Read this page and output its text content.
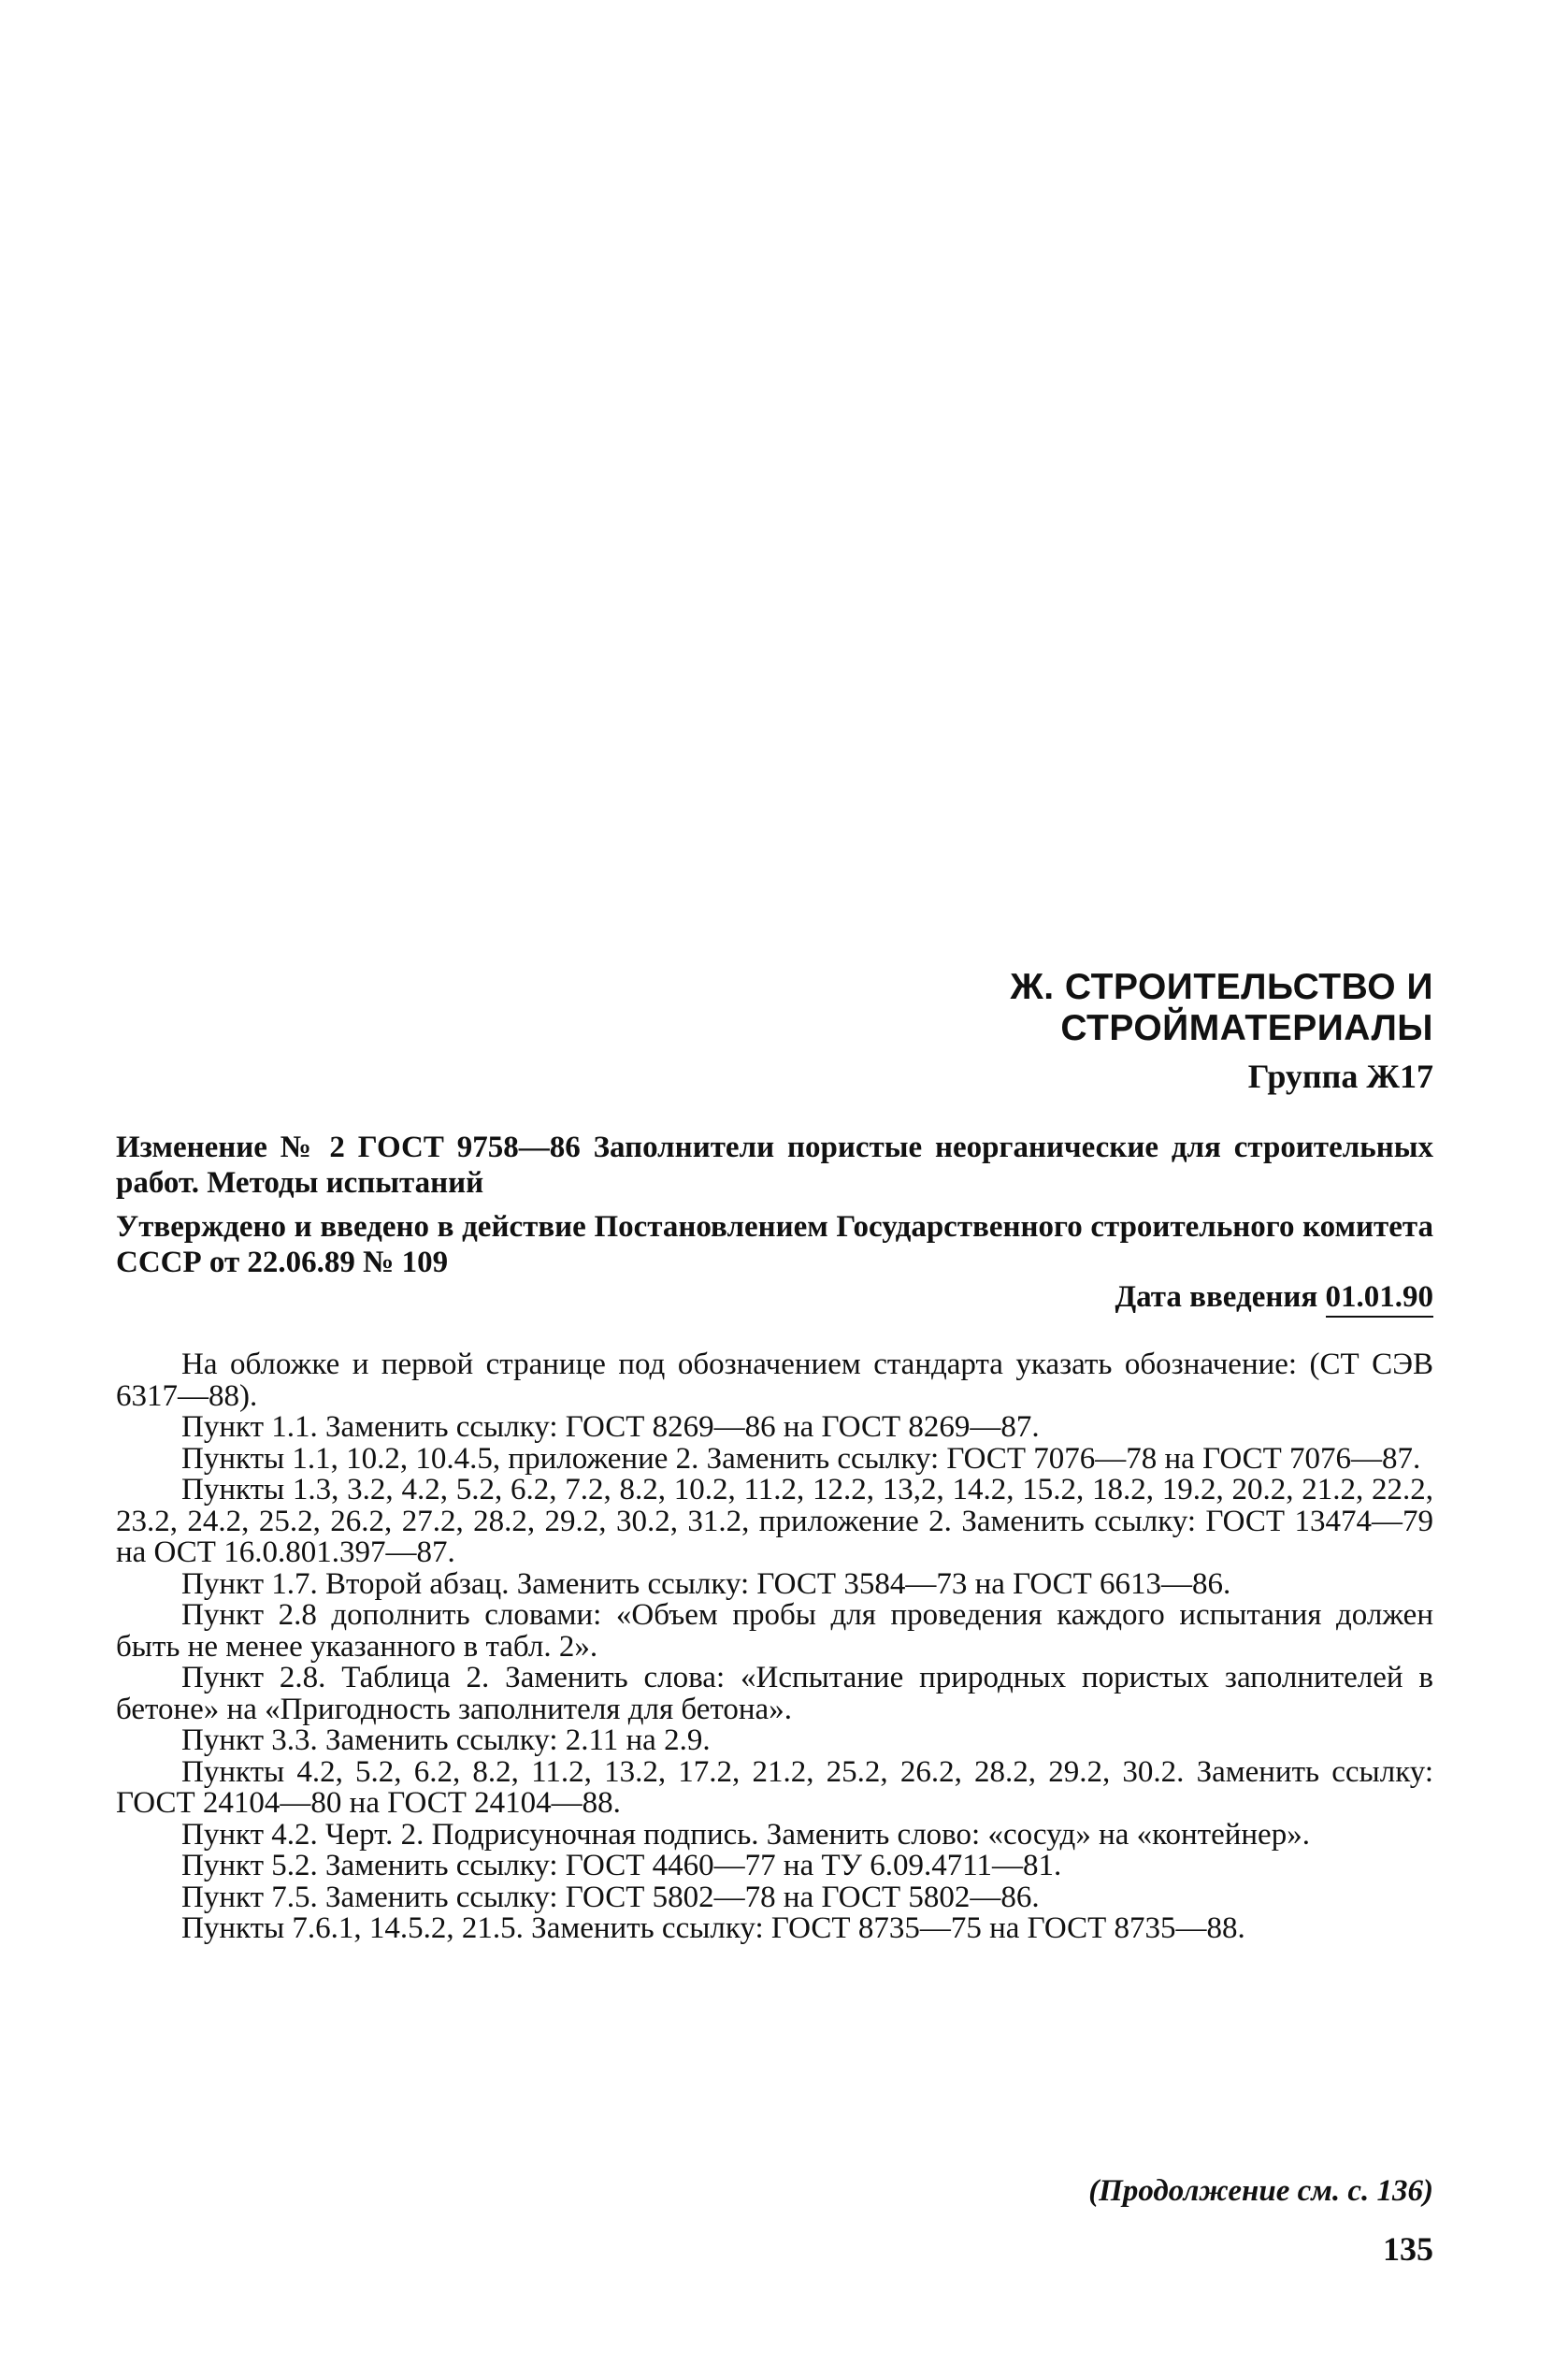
Ж. СТРОИТЕЛЬСТВО И СТРОЙМАТЕРИАЛЫ
Группа Ж17
Изменение № 2 ГОСТ 9758—86 Заполнители пористые неорганические для строительных работ. Методы испытаний
Утверждено и введено в действие Постановлением Государственного строительного комитета СССР от 22.06.89 № 109
Дата введения 01.01.90

На обложке и первой странице под обозначением стандарта указать обозначение: (СТ СЭВ 6317—88).

Пункт 1.1. Заменить ссылку: ГОСТ 8269—86 на ГОСТ 8269—87.

Пункты 1.1, 10.2, 10.4.5, приложение 2. Заменить ссылку: ГОСТ 7076—78 на ГОСТ 7076—87.

Пункты 1.3, 3.2, 4.2, 5.2, 6.2, 7.2, 8.2, 10.2, 11.2, 12.2, 13,2, 14.2, 15.2, 18.2, 19.2, 20.2, 21.2, 22.2, 23.2, 24.2, 25.2, 26.2, 27.2, 28.2, 29.2, 30.2, 31.2, приложение 2. Заменить ссылку: ГОСТ 13474—79 на ОСТ 16.0.801.397—87.

Пункт 1.7. Второй абзац. Заменить ссылку: ГОСТ 3584—73 на ГОСТ 6613—86.

Пункт 2.8 дополнить словами: «Объем пробы для проведения каждого испытания должен быть не менее указанного в табл. 2».

Пункт 2.8. Таблица 2. Заменить слова: «Испытание природных пористых заполнителей в бетоне» на «Пригодность заполнителя для бетона».

Пункт 3.3. Заменить ссылку: 2.11 на 2.9.

Пункты 4.2, 5.2, 6.2, 8.2, 11.2, 13.2, 17.2, 21.2, 25.2, 26.2, 28.2, 29.2, 30.2. Заменить ссылку: ГОСТ 24104—80 на ГОСТ 24104—88.

Пункт 4.2. Черт. 2. Подрисуночная подпись. Заменить слово: «сосуд» на «контейнер».

Пункт 5.2. Заменить ссылку: ГОСТ 4460—77 на ТУ 6.09.4711—81.

Пункт 7.5. Заменить ссылку: ГОСТ 5802—78 на ГОСТ 5802—86.

Пункты 7.6.1, 14.5.2, 21.5. Заменить ссылку: ГОСТ 8735—75 на ГОСТ 8735—88.

(Продолжение см. с. 136)
135
